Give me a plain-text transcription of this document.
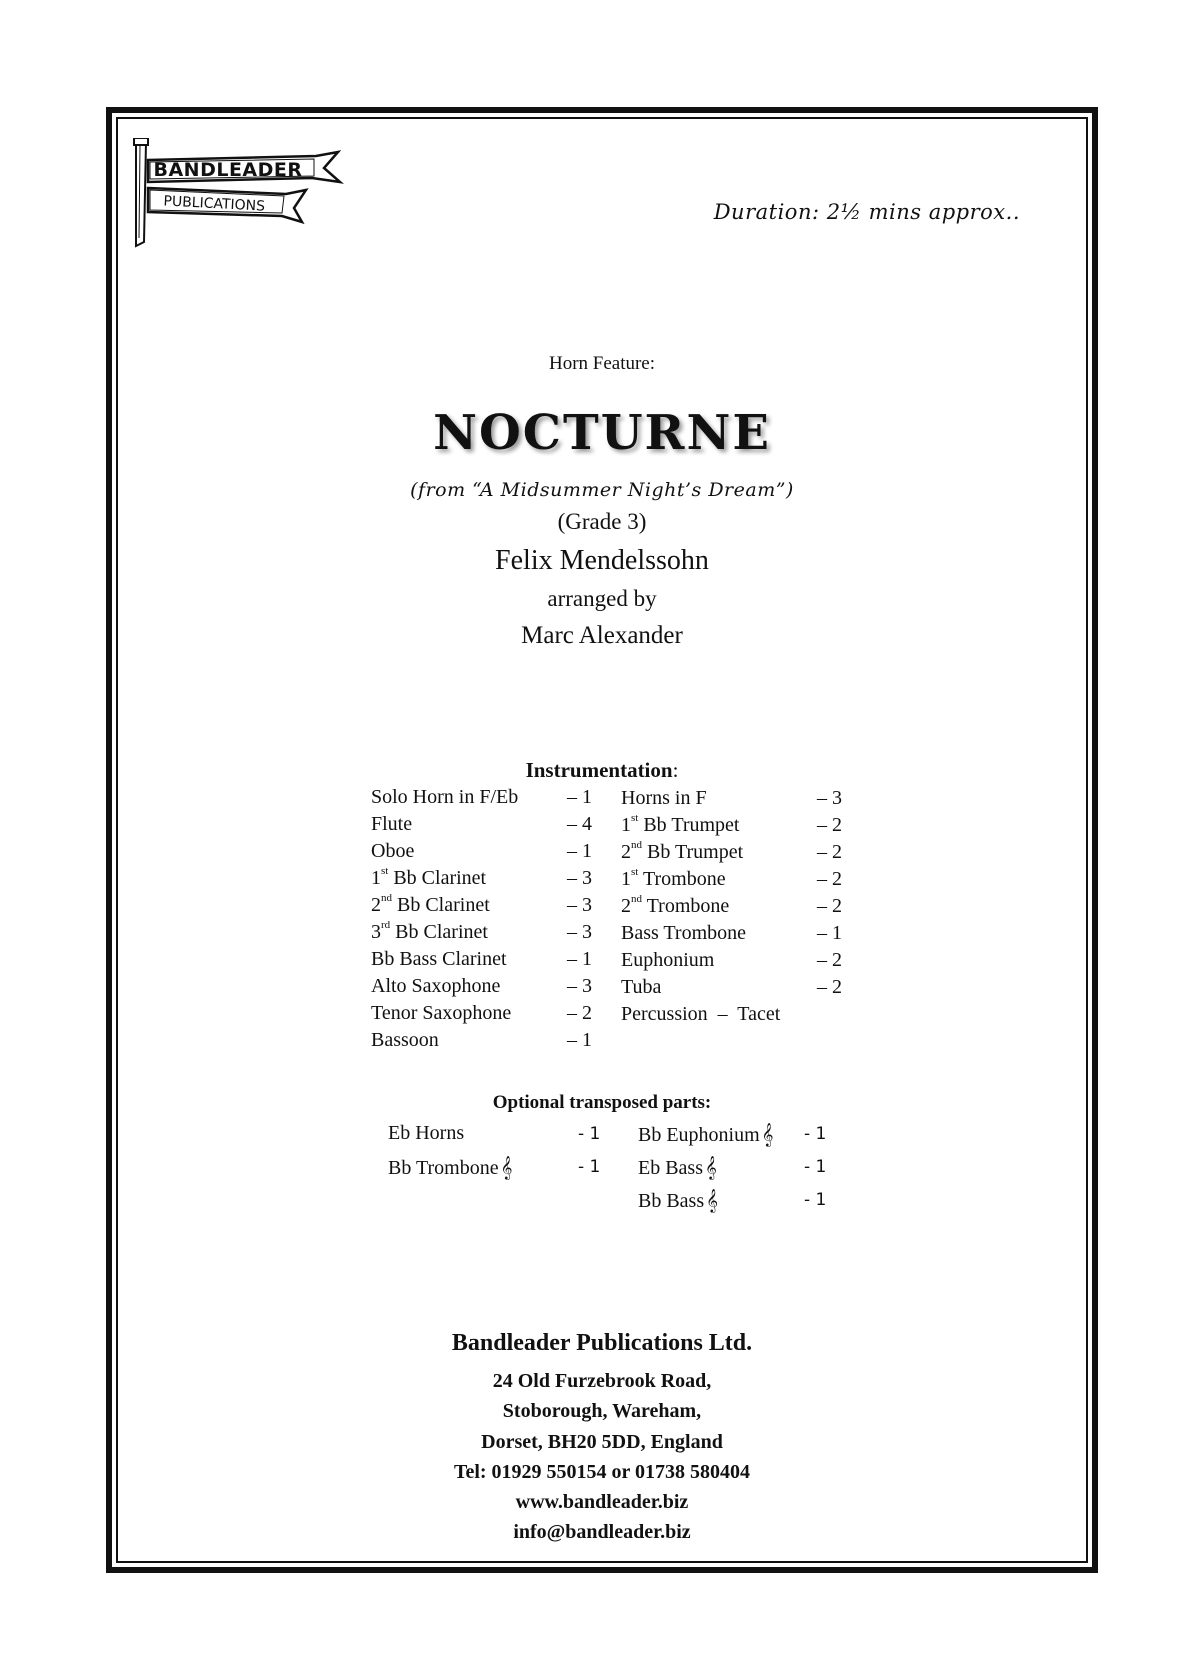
BANDLEADER
PUBLICATIONS	Duration: 2½ mins approx..
Horn Feature:
NOCTURNE
(from “A Midsummer Night’s Dream”)
(Grade 3)
Felix Mendelssohn
arranged by
Marc Alexander
Instrumentation:
Solo Horn in F/Eb – 1
Flute	– 4
Oboe	– 1
1st Bb Clarinet	– 3
2nd Bb Clarinet	– 3
3rd Bb Clarinet	– 3
Bb Bass Clarinet	– 1
Alto Saxophone	– 3
Tenor Saxophone	– 2
Bassoon	– 1
Horns in F	– 3
1st Bb Trumpet	– 2
2nd Bb Trumpet	– 2
1st Trombone	– 2
2nd Trombone	– 2
Bass Trombone	– 1
Euphonium	– 2
Tuba	– 2
Percussion  –  Tacet
Optional transposed parts:
Eb Horns	- 1
Bb Trombone 𝄞	- 1
Bb Euphonium 𝄞 - 1
Eb Bass 𝄞	- 1
Bb Bass 𝄞	- 1
Bandleader Publications Ltd.
24 Old Furzebrook Road,
Stoborough, Wareham,
Dorset, BH20 5DD, England
Tel: 01929 550154 or 01738 580404
www.bandleader.biz
info@bandleader.biz
